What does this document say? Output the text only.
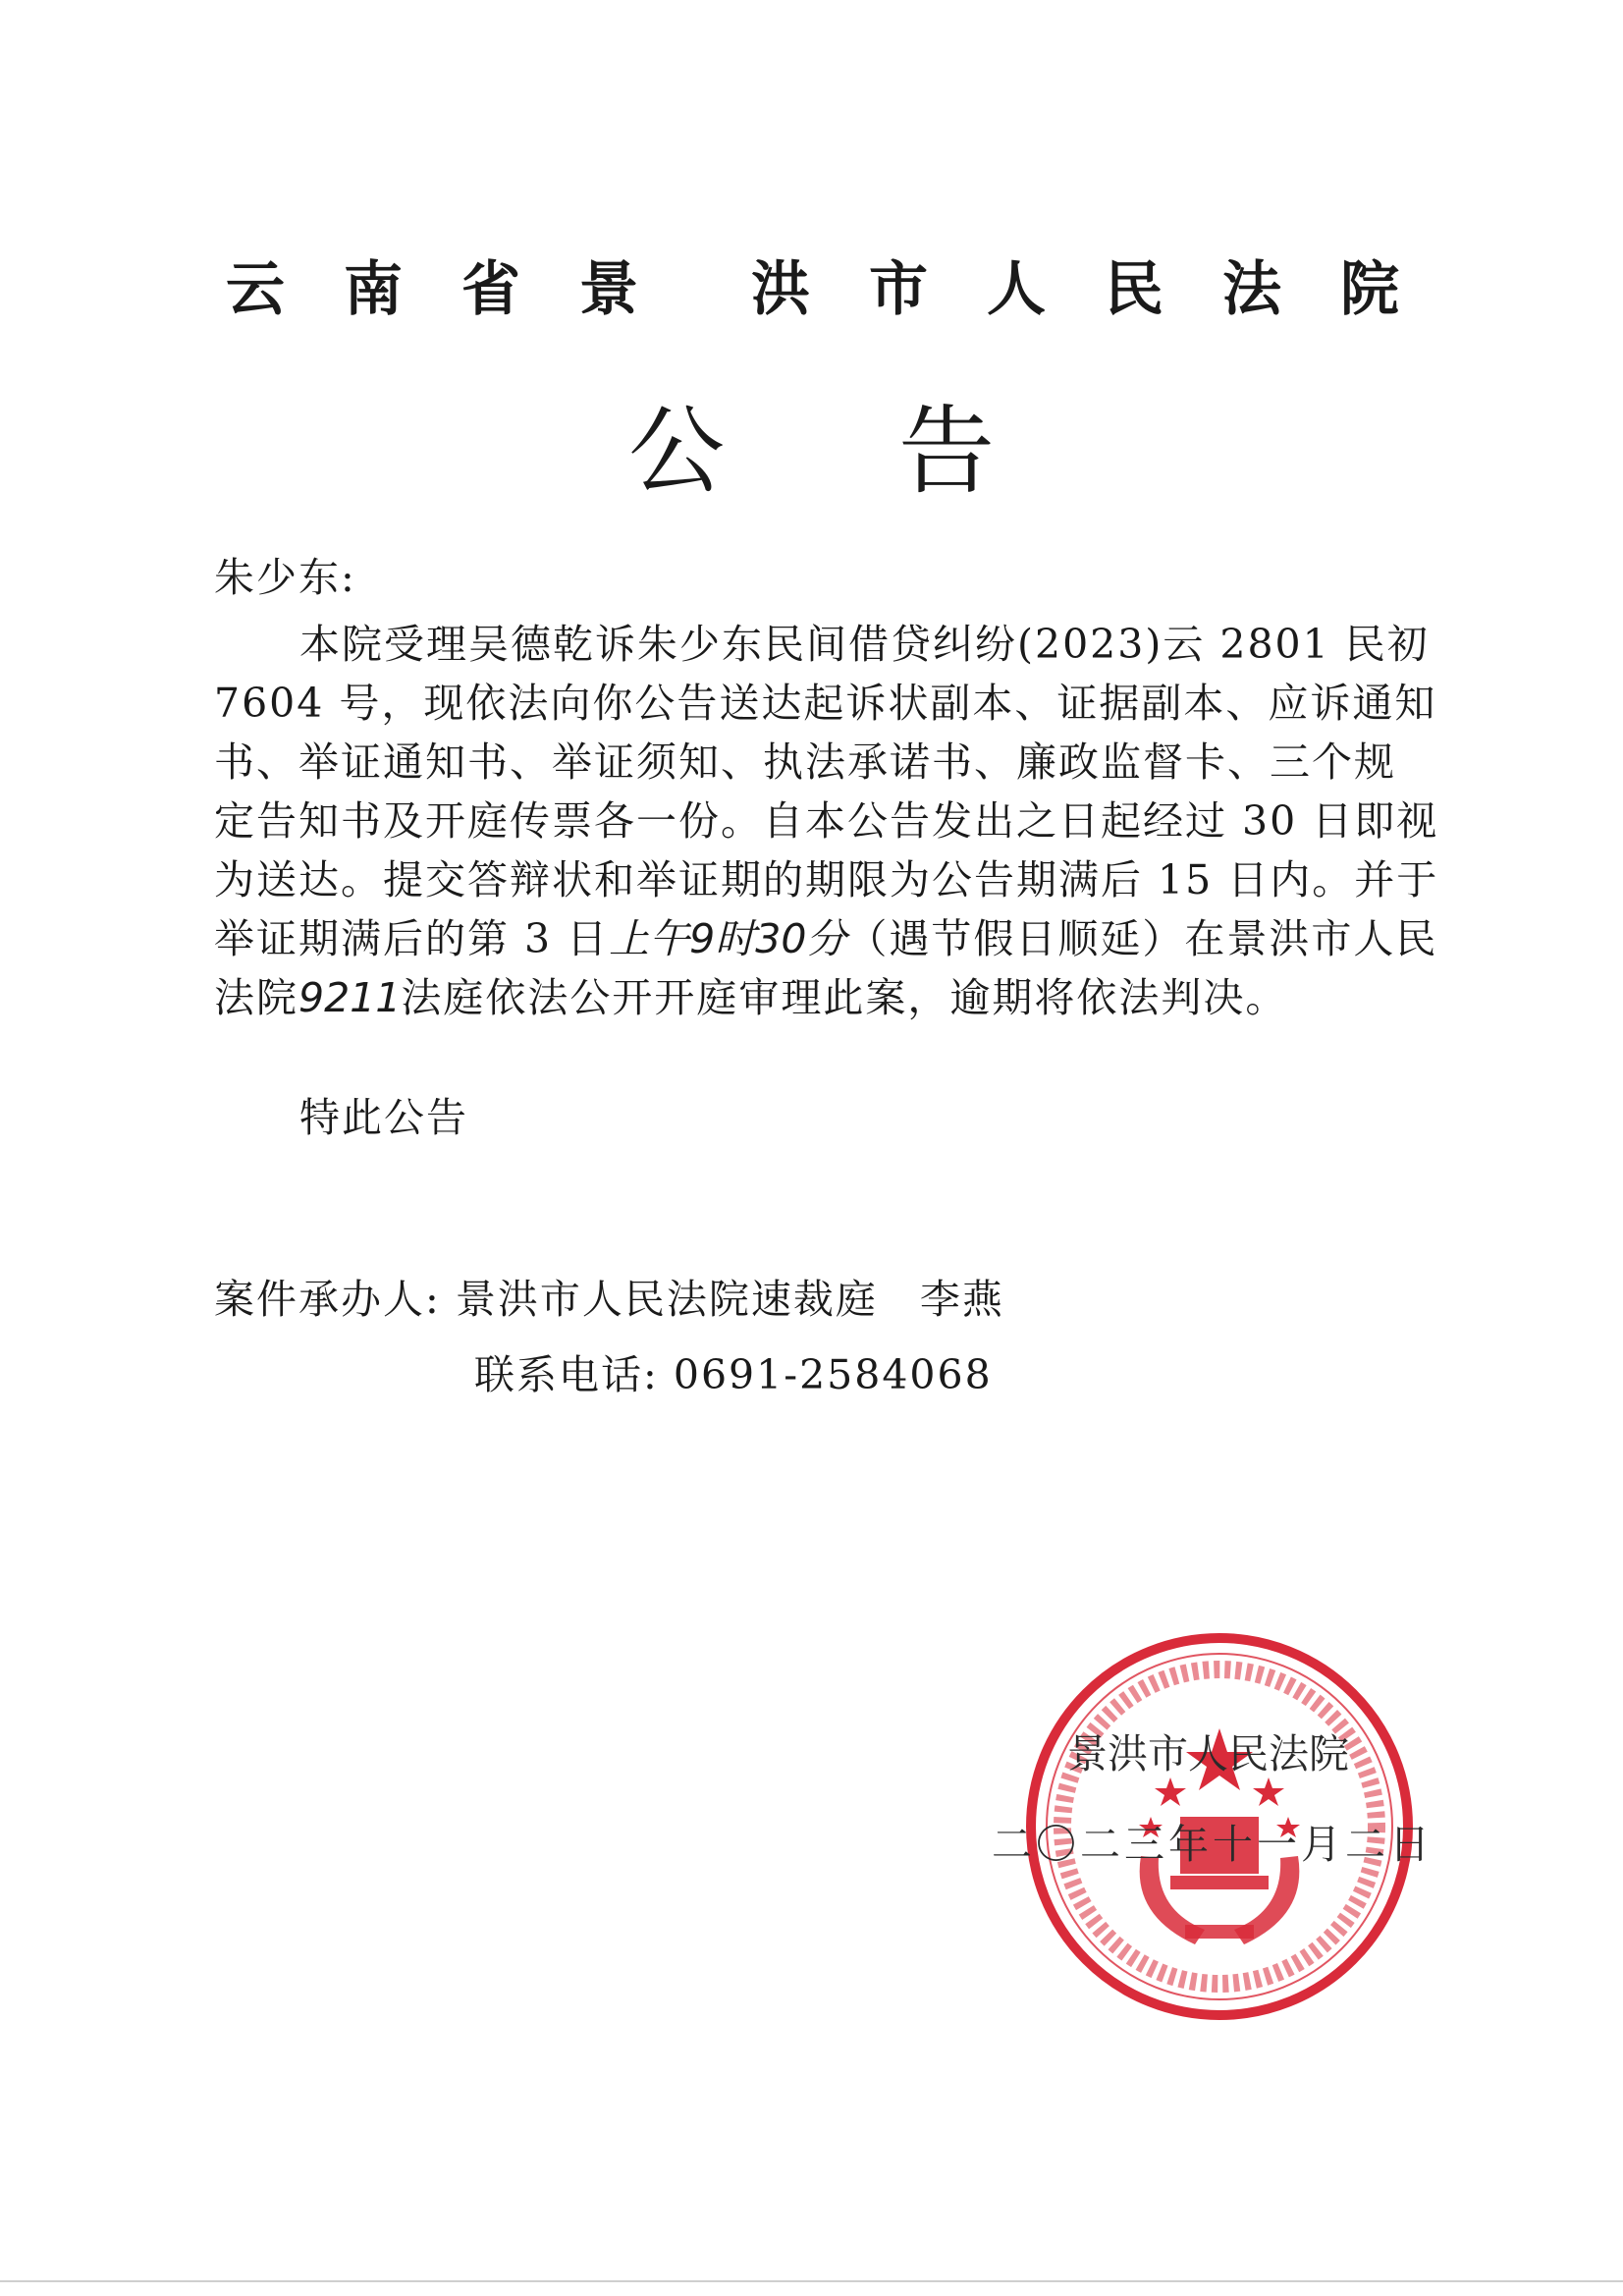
云 南 省 景 洪 市 人 民 法 院
公 告
朱少东:
本院受理吴德乾诉朱少东民间借贷纠纷(2023)云 2801 民初
7604 号，现依法向你公告送达起诉状副本、证据副本、应诉通知
书、举证通知书、举证须知、执法承诺书、廉政监督卡、三个规
定告知书及开庭传票各一份。自本公告发出之日起经过 30 日即视
为送达。提交答辩状和举证期的期限为公告期满后 15 日内。并于
举证期满后的第 3 日上午9时30分（遇节假日顺延）在景洪市人民
法院9211法庭依法公开开庭审理此案，逾期将依法判决。
特此公告
案件承办人: 景洪市人民法院速裁庭　李燕
联系电话: 0691-2584068
景洪市人民法院
二〇二三年十一月二日
